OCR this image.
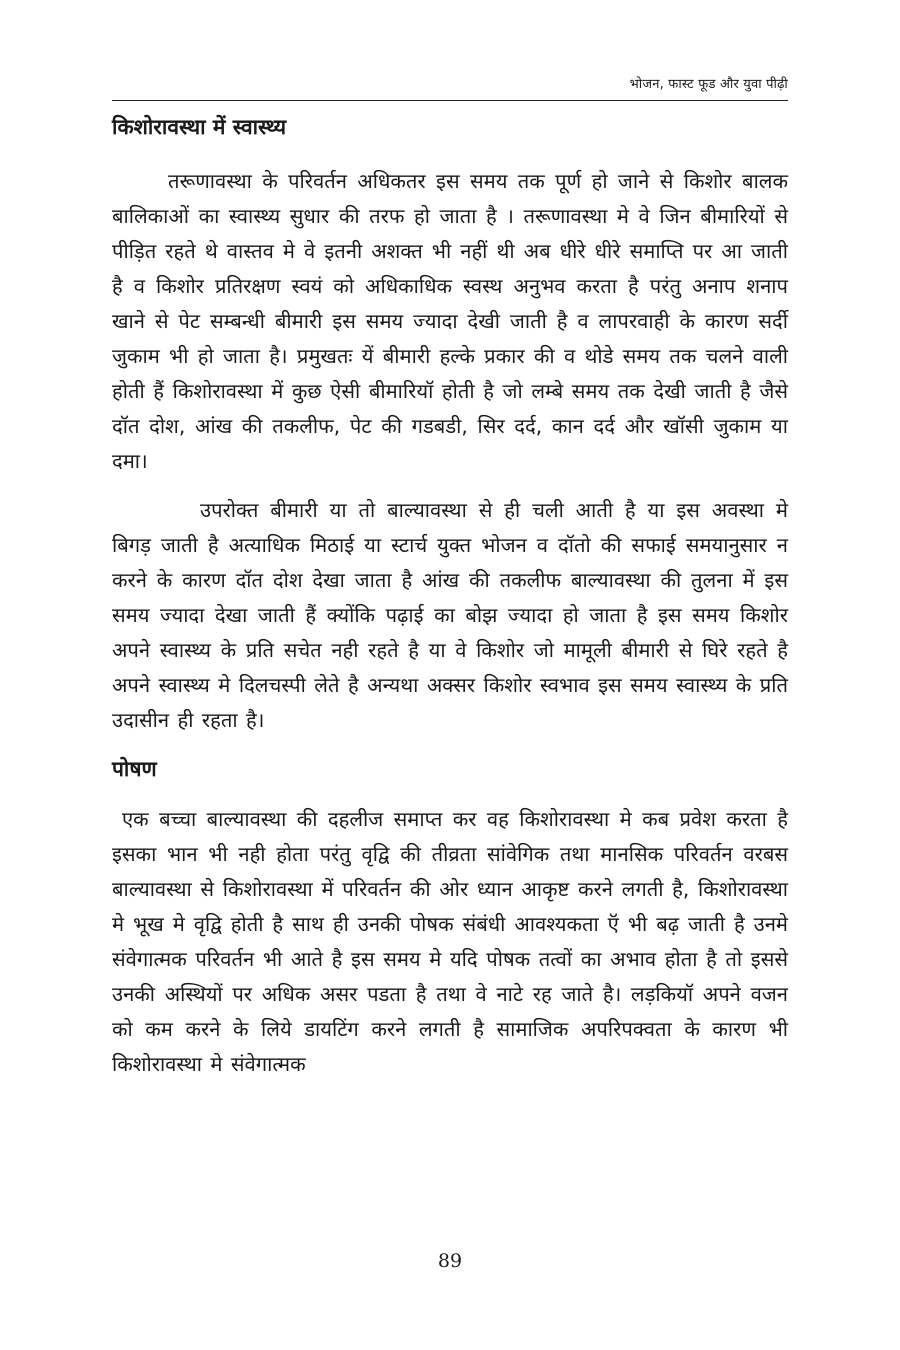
भोजन, फास्ट फूड और युवा पीढ़ी
किशोरावस्था में स्वास्थ्य

तरूणावस्था के परिवर्तन अधिकतर इस समय तक पूर्ण हो जाने से किशोर बालक बालिकाओं का स्वास्थ्य सुधार की तरफ हो जाता है । तरूणावस्था मे वे जिन बीमारियों से पीड़ित रहते थे वास्तव मे वे इतनी अशक्त भी नहीं थी अब धीरे धीरे समाप्ति पर आ जाती है व किशोर प्रतिरक्षण स्वयं को अधिकाधिक स्वस्थ अनुभव करता है परंतु अनाप शनाप खाने से पेट सम्बन्धी बीमारी इस समय ज्यादा देखी जाती है व लापरवाही के कारण सर्दी जुकाम भी हो जाता है। प्रमुखतः यें बीमारी हल्के प्रकार की व थोडे समय तक चलने वाली होती हैं किशोरावस्था में कुछ ऐसी बीमारियॉ होती है जो लम्बे समय तक देखी जाती है जैसे दॉत दोश, आंख की तकलीफ, पेट की गडबडी, सिर दर्द, कान दर्द और खॉसी जुकाम या दमा।

उपरोक्त बीमारी या तो बाल्यावस्था से ही चली आती है या इस अवस्था मे बिगड़ जाती है अत्याधिक मिठाई या स्टार्च युक्त भोजन व दॉतो की सफाई समयानुसार न करने के कारण दॉत दोश देखा जाता है आंख की तकलीफ बाल्यावस्था की तुलना में इस समय ज्यादा देखा जाती हैं क्योंकि पढ़ाई का बोझ ज्यादा हो जाता है इस समय किशोर अपने स्वास्थ्य के प्रति सचेत नही रहते है या वे किशोर जो मामूली बीमारी से घिरे रहते है अपने स्वास्थ्य मे दिलचस्पी लेते है अन्यथा अक्सर किशोर स्वभाव इस समय स्वास्थ्य के प्रति उदासीन ही रहता है।

पोषण

एक बच्चा बाल्यावस्था की दहलीज समाप्त कर वह किशोरावस्था मे कब प्रवेश करता है इसका भान भी नही होता परंतु वृद्वि की तीव्रता सांवेगिक तथा मानसिक परिवर्तन वरबस बाल्यावस्था से किशोरावस्था में परिवर्तन की ओर ध्यान आकृष्ट करने लगती है, किशोरावस्था मे भूख मे वृद्वि होती है साथ ही उनकी पोषक संबंधी आवश्यकता ऍ भी बढ़ जाती है उनमे संवेगात्मक परिवर्तन भी आते है इस समय मे यदि पोषक तत्वों का अभाव होता है तो इससे उनकी अस्थियों पर अधिक असर पडता है तथा वे नाटे रह जाते है। लड़कियॉ अपने वजन को कम करने के लिये डायटिंग करने लगती है सामाजिक अपरिपक्वता के कारण भी किशोरावस्था मे संवेगात्मक

89
